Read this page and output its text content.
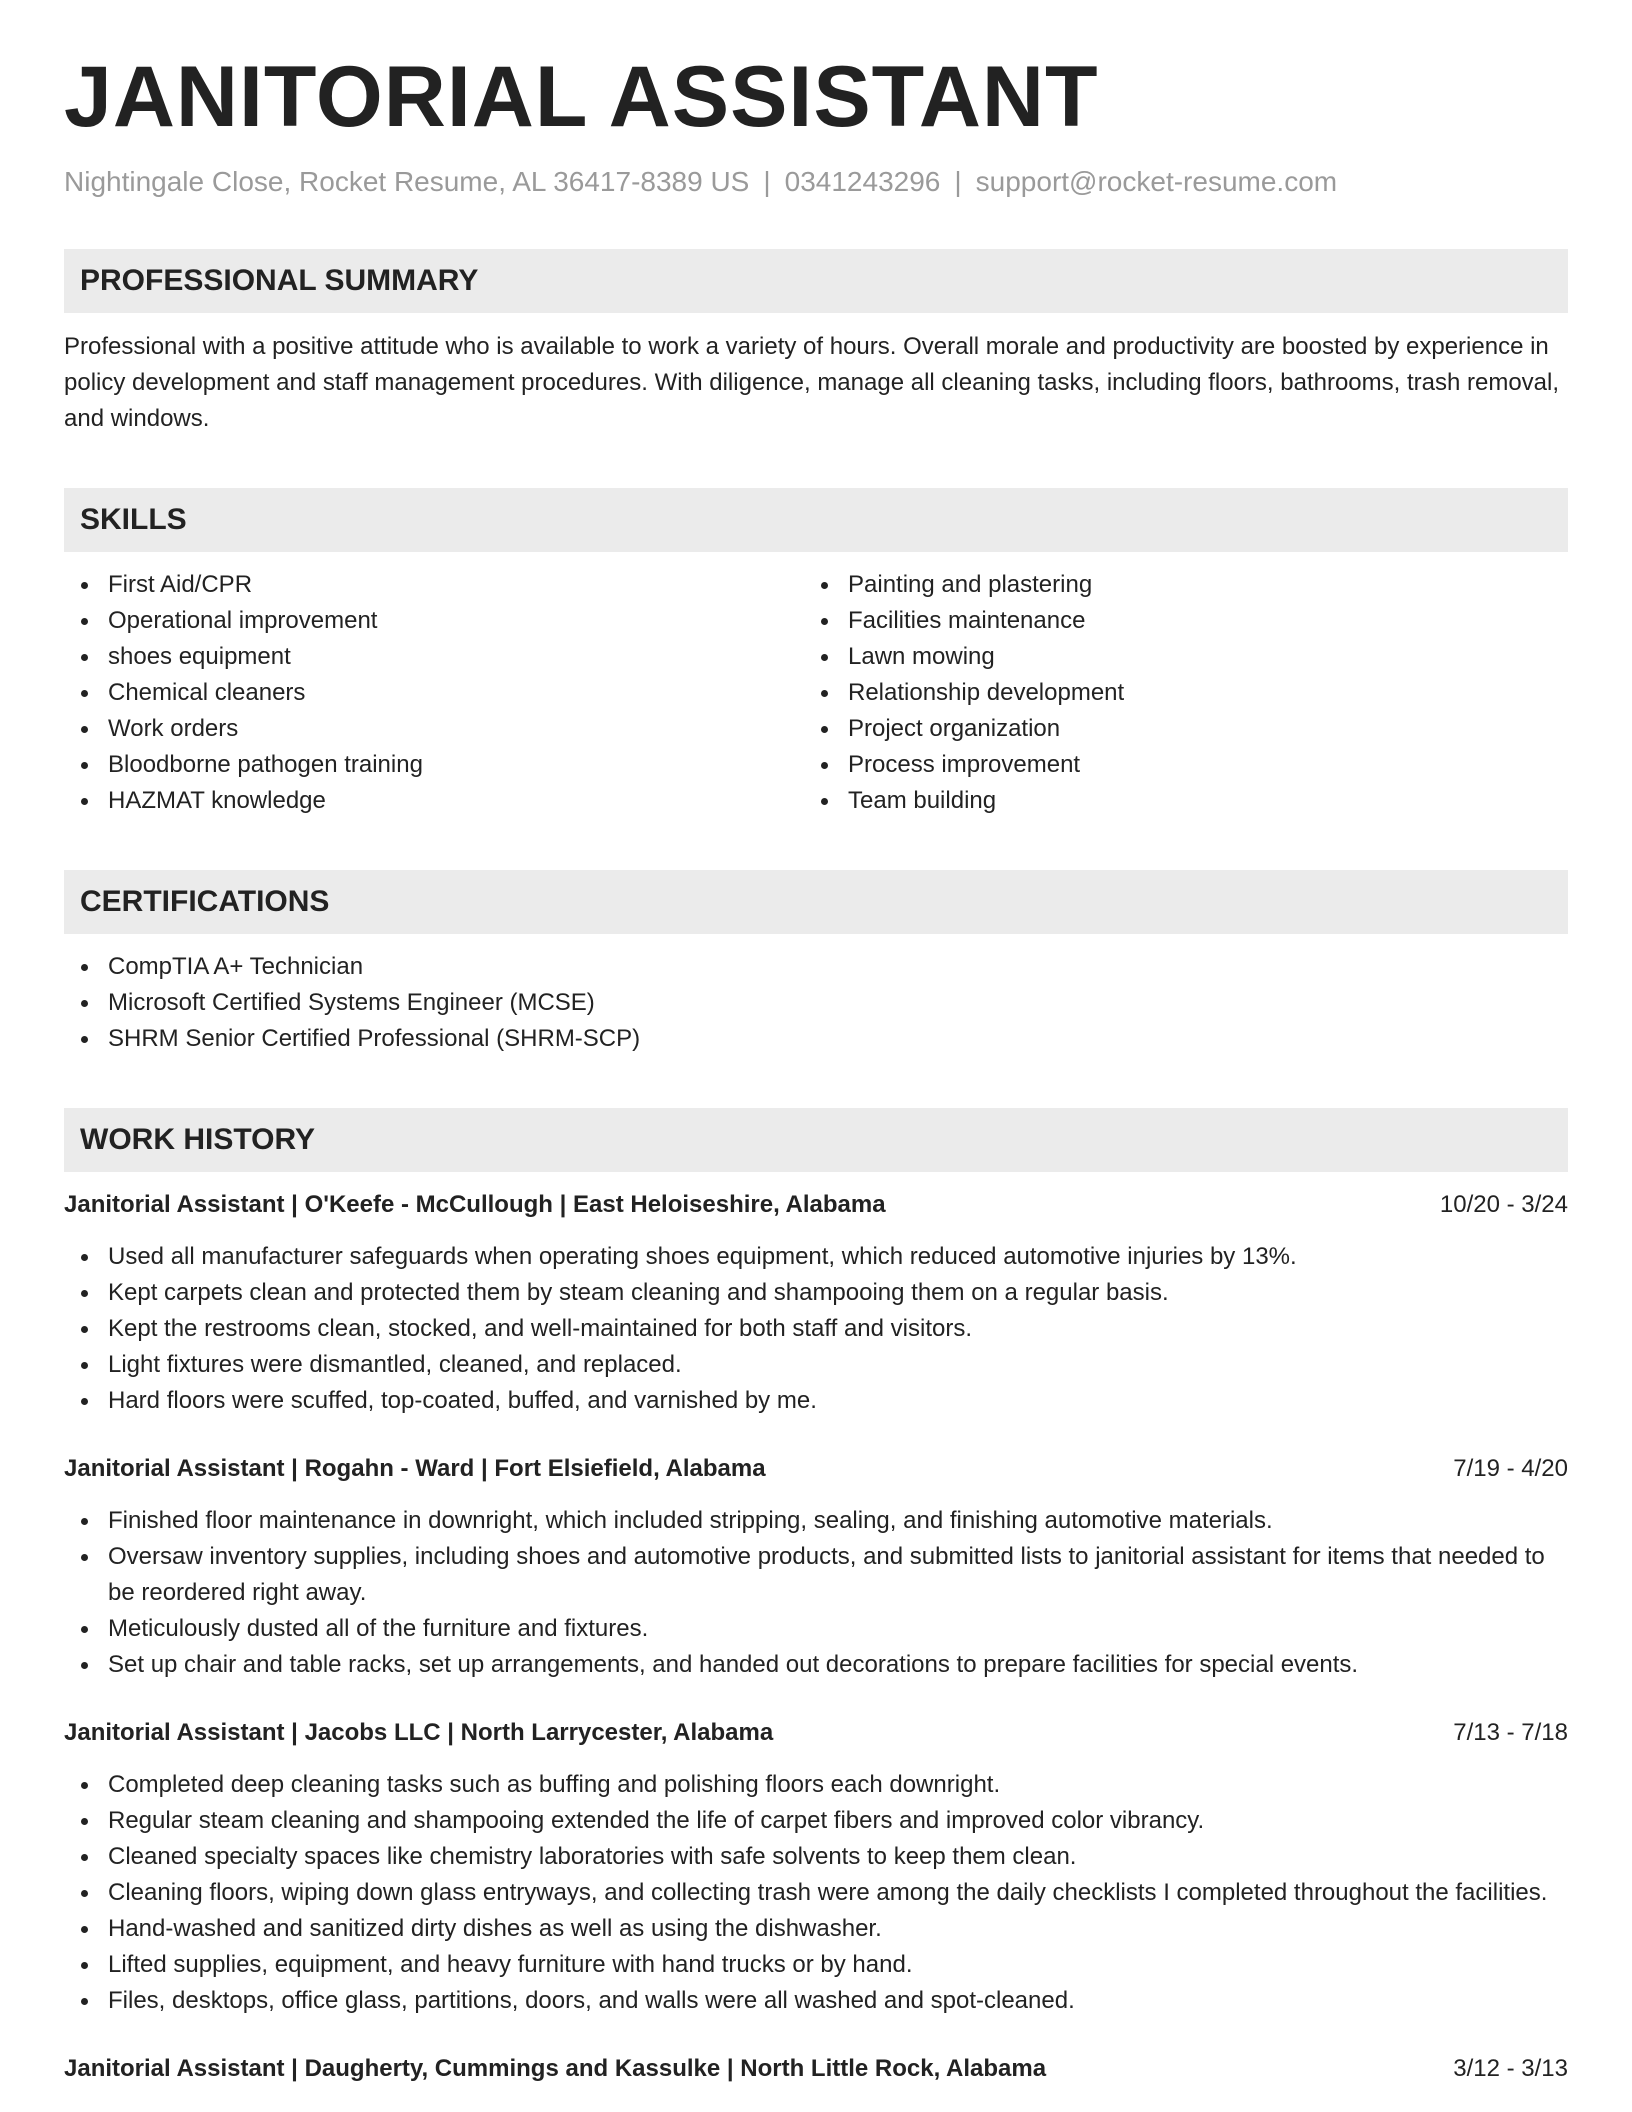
JANITORIAL ASSISTANT
Nightingale Close, Rocket Resume, AL 36417-8389 US | 0341243296 | support@rocket-resume.com
PROFESSIONAL SUMMARY

Professional with a positive attitude who is available to work a variety of hours. Overall morale and productivity are boosted by experience in policy development and staff management procedures. With diligence, manage all cleaning tasks, including floors, bathrooms, trash removal, and windows.

SKILLS
First Aid/CPR
Operational improvement
shoes equipment
Chemical cleaners
Work orders
Bloodborne pathogen training
HAZMAT knowledge
Painting and plastering
Facilities maintenance
Lawn mowing
Relationship development
Project organization
Process improvement
Team building
CERTIFICATIONS
CompTIA A+ Technician
Microsoft Certified Systems Engineer (MCSE)
SHRM Senior Certified Professional (SHRM-SCP)
WORK HISTORY
Janitorial Assistant | O'Keefe - McCullough | East Heloiseshire, Alabama	10/20 - 3/24
Used all manufacturer safeguards when operating shoes equipment, which reduced automotive injuries by 13%.
Kept carpets clean and protected them by steam cleaning and shampooing them on a regular basis.
Kept the restrooms clean, stocked, and well-maintained for both staff and visitors.
Light fixtures were dismantled, cleaned, and replaced.
Hard floors were scuffed, top-coated, buffed, and varnished by me.
Janitorial Assistant | Rogahn - Ward | Fort Elsiefield, Alabama	7/19 - 4/20
Finished floor maintenance in downright, which included stripping, sealing, and finishing automotive materials.
Oversaw inventory supplies, including shoes and automotive products, and submitted lists to janitorial assistant for items that needed to be reordered right away.
Meticulously dusted all of the furniture and fixtures.
Set up chair and table racks, set up arrangements, and handed out decorations to prepare facilities for special events.
Janitorial Assistant | Jacobs LLC | North Larrycester, Alabama	7/13 - 7/18
Completed deep cleaning tasks such as buffing and polishing floors each downright.
Regular steam cleaning and shampooing extended the life of carpet fibers and improved color vibrancy.
Cleaned specialty spaces like chemistry laboratories with safe solvents to keep them clean.
Cleaning floors, wiping down glass entryways, and collecting trash were among the daily checklists I completed throughout the facilities.
Hand-washed and sanitized dirty dishes as well as using the dishwasher.
Lifted supplies, equipment, and heavy furniture with hand trucks or by hand.
Files, desktops, office glass, partitions, doors, and walls were all washed and spot-cleaned.
Janitorial Assistant | Daugherty, Cummings and Kassulke | North Little Rock, Alabama	3/12 - 3/13
